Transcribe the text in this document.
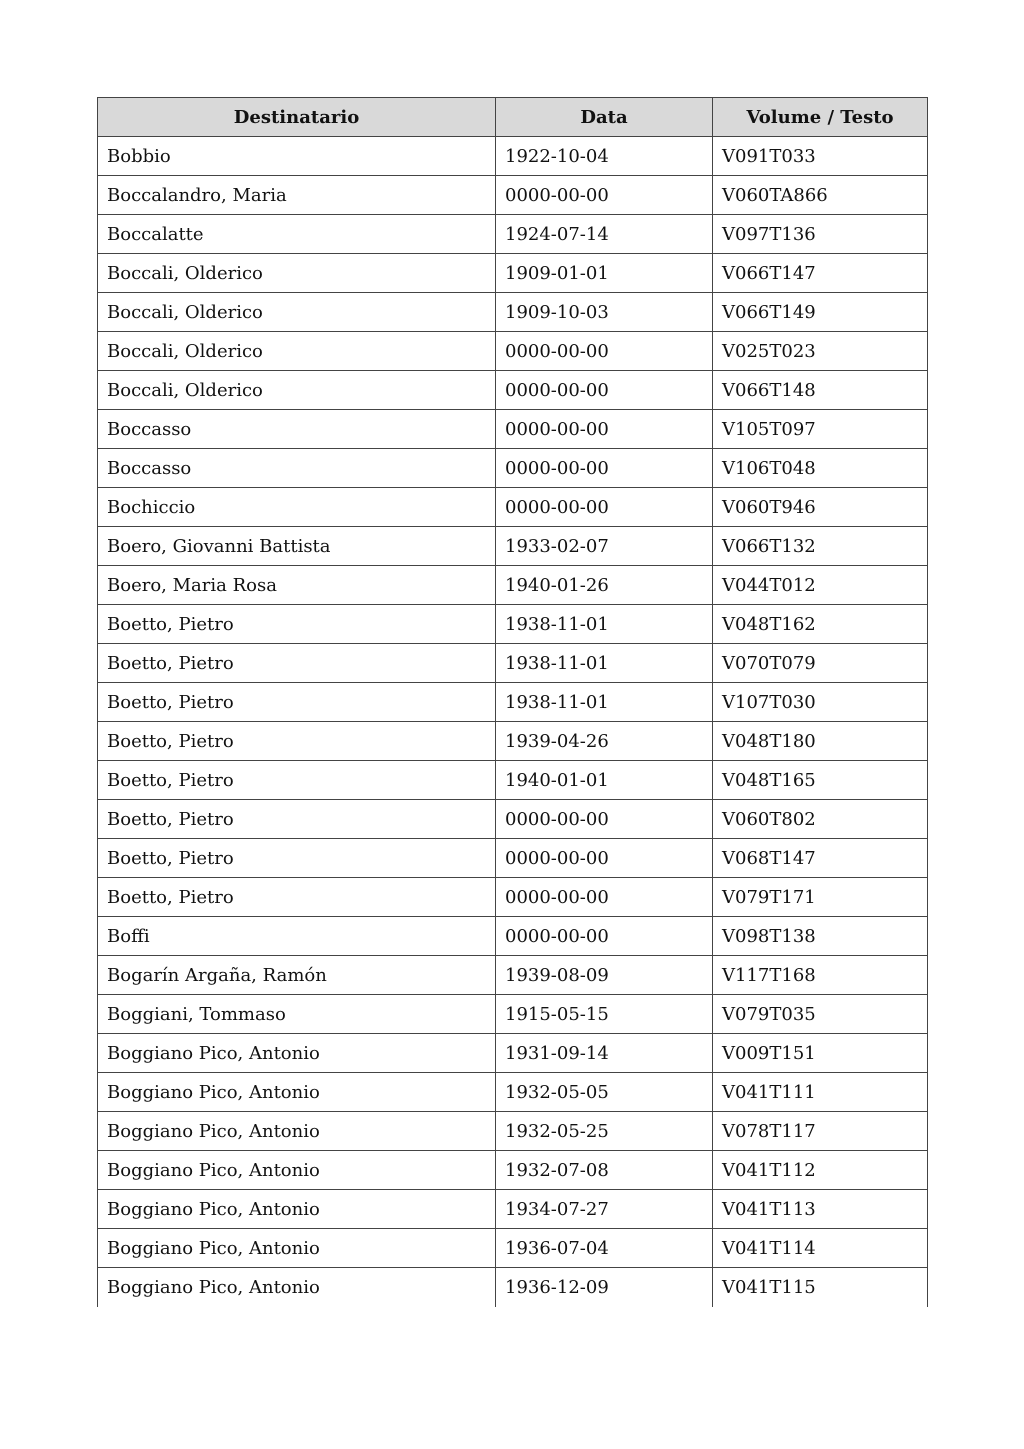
Destinatario	Data	Volume / Testo
Bobbio	1922-10-04	V091T033
Boccalandro, Maria	0000-00-00	V060TA866
Boccalatte	1924-07-14	V097T136
Boccali, Olderico	1909-01-01	V066T147
Boccali, Olderico	1909-10-03	V066T149
Boccali, Olderico	0000-00-00	V025T023
Boccali, Olderico	0000-00-00	V066T148
Boccasso	0000-00-00	V105T097
Boccasso	0000-00-00	V106T048
Bochiccio	0000-00-00	V060T946
Boero, Giovanni Battista	1933-02-07	V066T132
Boero, Maria Rosa	1940-01-26	V044T012
Boetto, Pietro	1938-11-01	V048T162
Boetto, Pietro	1938-11-01	V070T079
Boetto, Pietro	1938-11-01	V107T030
Boetto, Pietro	1939-04-26	V048T180
Boetto, Pietro	1940-01-01	V048T165
Boetto, Pietro	0000-00-00	V060T802
Boetto, Pietro	0000-00-00	V068T147
Boetto, Pietro	0000-00-00	V079T171
Boffi	0000-00-00	V098T138
Bogarín Argaña, Ramón	1939-08-09	V117T168
Boggiani, Tommaso	1915-05-15	V079T035
Boggiano Pico, Antonio	1931-09-14	V009T151
Boggiano Pico, Antonio	1932-05-05	V041T111
Boggiano Pico, Antonio	1932-05-25	V078T117
Boggiano Pico, Antonio	1932-07-08	V041T112
Boggiano Pico, Antonio	1934-07-27	V041T113
Boggiano Pico, Antonio	1936-07-04	V041T114
Boggiano Pico, Antonio	1936-12-09	V041T115
